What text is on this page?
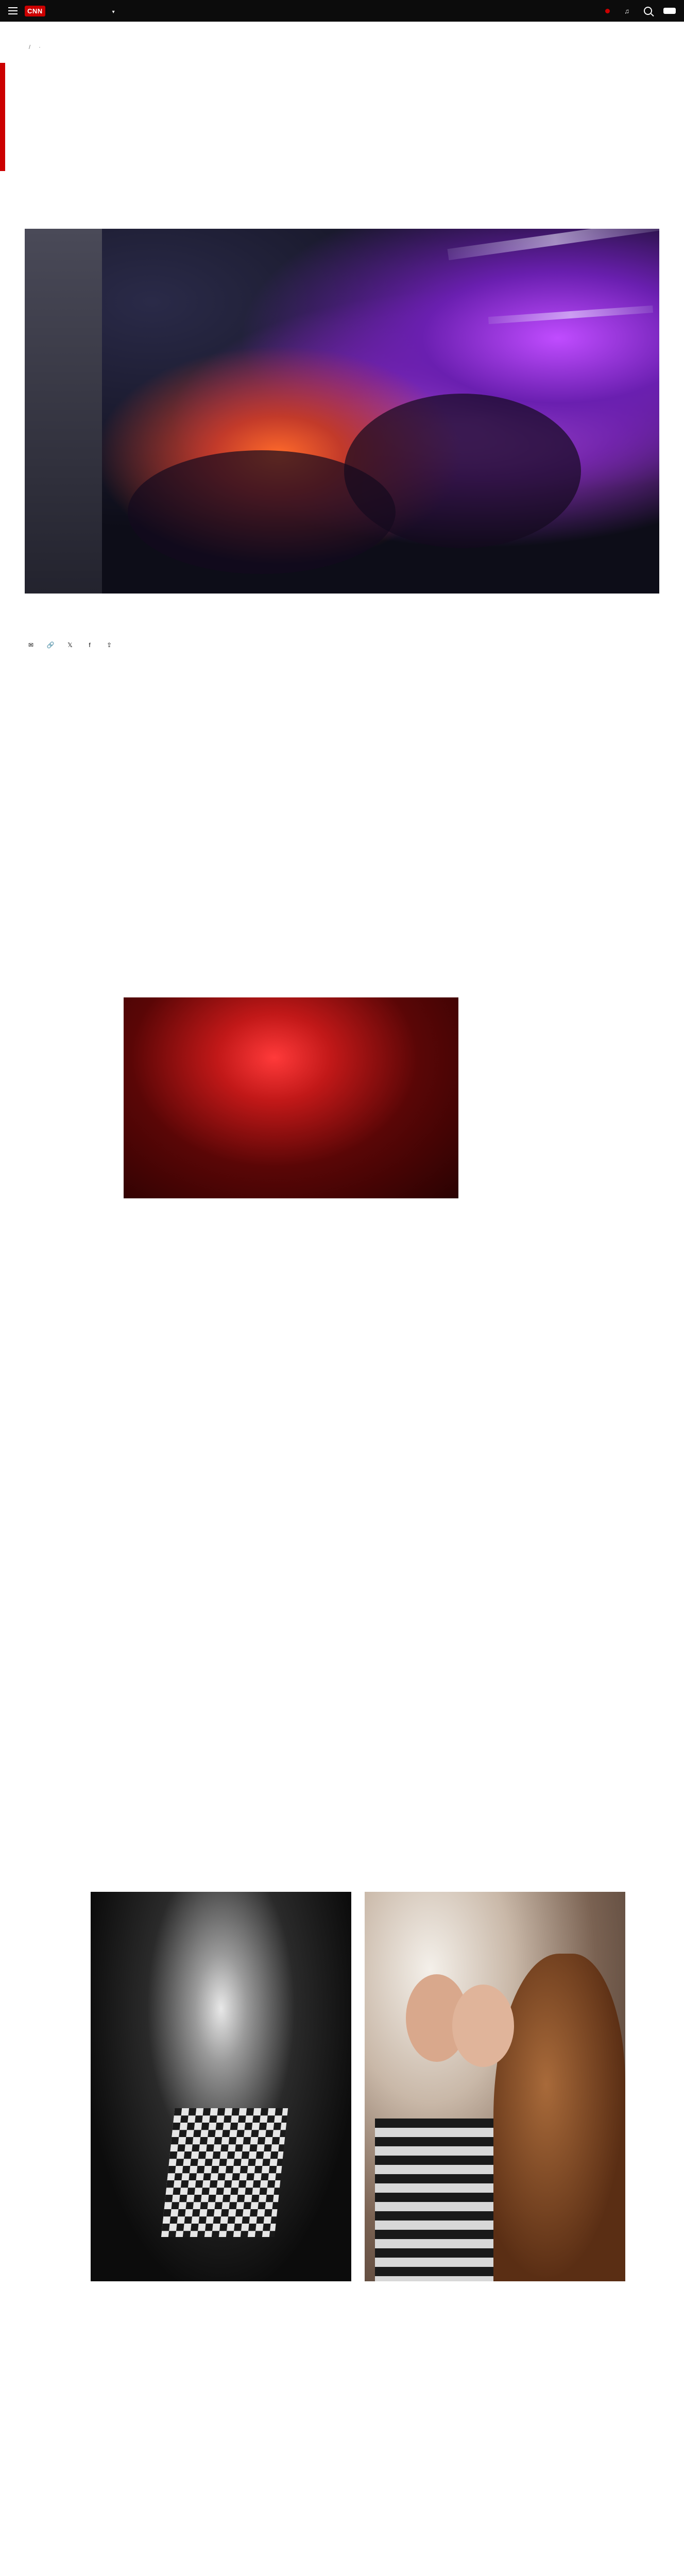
CNN	▾	♫
/ ·
✉	🔗	𝕏	f	⇪
